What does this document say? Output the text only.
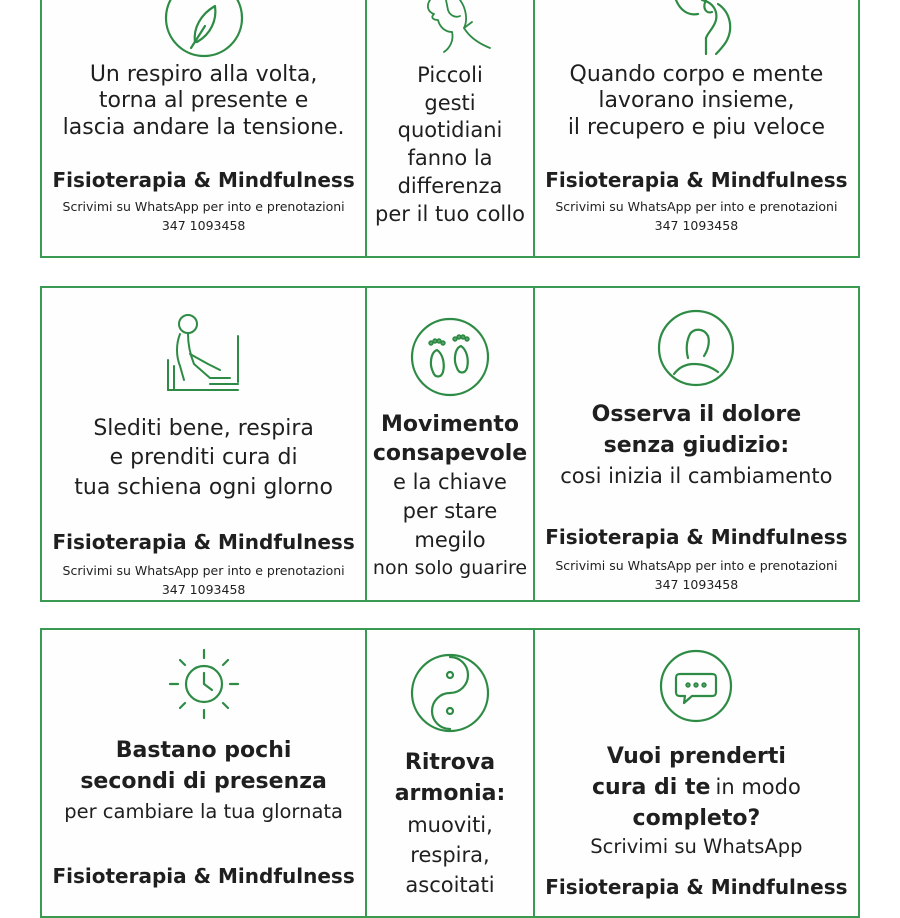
Un respiro alla volta,
torna al presente e
lascia andare la tensione.
Fisioterapia & Mindfulness
Scrivimi su WhatsApp per into e prenotazioni
347 1093458
Piccoli
gesti
quotidiani
fanno la
differenza
per il tuo collo
Quando corpo e mente
lavorano insieme,
il recupero e piu veloce
Fisioterapia & Mindfulness
Scrivimi su WhatsApp per into e prenotazioni
347 1093458
Slediti bene, respira
e prenditi cura di
tua schiena ogni glorno
Fisioterapia & Mindfulness
Scrivimi su WhatsApp per into e prenotazioni
347 1093458
Movimento
consapevole
e la chiave
per stare
megilo
non solo guarire
Osserva il dolore
senza giudizio:
cosi inizia il cambiamento
Fisioterapia & Mindfulness
Scrivimi su WhatsApp per into e prenotazioni
347 1093458
Bastano pochi
secondi di presenza
per cambiare la tua glornata
Fisioterapia & Mindfulness
Ritrova
armonia:
muoviti,
respira,
ascoitati
Vuoi prenderti
cura di te in modo
completo?
Scrivimi su WhatsApp
Fisioterapia & Mindfulness
